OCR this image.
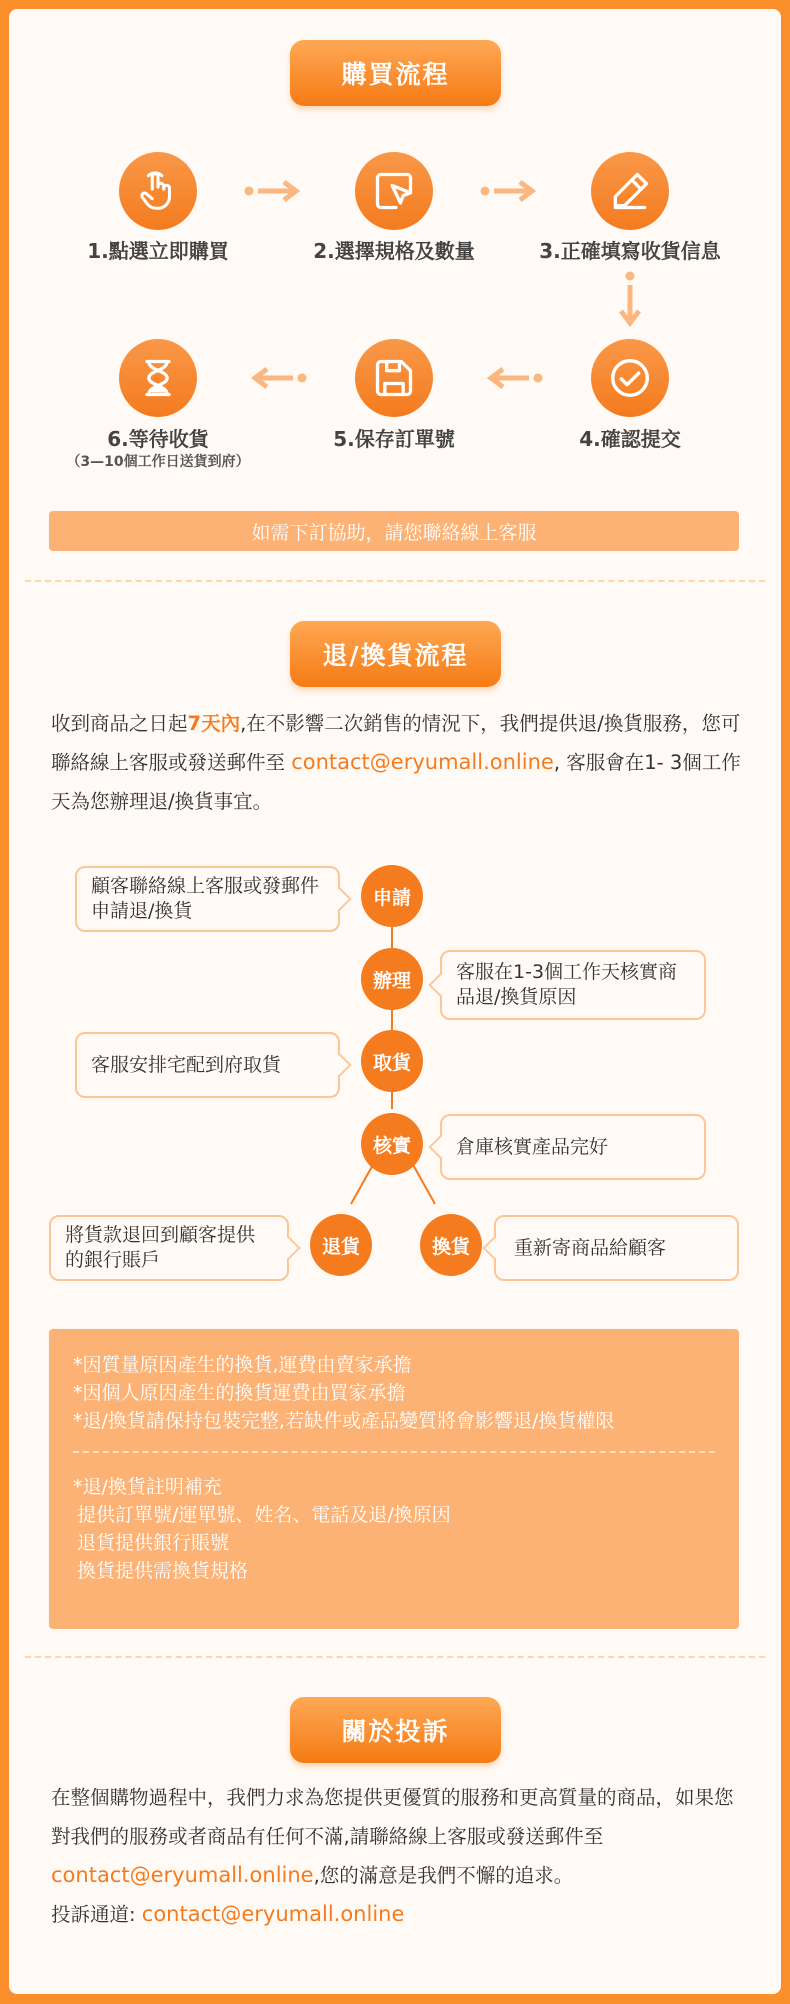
購買流程
1.點選立即購買	2.選擇規格及數量	3.正確填寫收貨信息
4.確認提交
5.保存訂單號
6.等待收貨
（3—10個工作日送貨到府）
如需下訂協助，請您聯絡線上客服
退/換貨流程
收到商品之日起7天內,在不影響二次銷售的情況下，我們提供退/換貨服務，您可聯絡線上客服或發送郵件至 contact@eryumall.online, 客服會在1- 3個工作天為您辦理退/換貨事宜。
申請
辦理
取貨
核實
退貨	換貨
顧客聯絡線上客服或發郵件申請退/換貨
客服在1-3個工作天核實商品退/換貨原因
客服安排宅配到府取貨
倉庫核實產品完好
將貨款退回到顧客提供的銀行賬戶
重新寄商品給顧客
*因質量原因產生的換貨,運費由賣家承擔
*因個人原因產生的換貨運費由買家承擔
*退/換貨請保持包裝完整,若缺件或產品變質將會影響退/換貨權限
*退/換貨註明補充
提供訂單號/運單號、姓名、電話及退/換原因
退貨提供銀行賬號
換貨提供需換貨規格
關於投訴
在整個購物過程中，我們力求為您提供更優質的服務和更高質量的商品，如果您對我們的服務或者商品有任何不滿,請聯絡線上客服或發送郵件至contact@eryumall.online,您的滿意是我們不懈的追求。
投訴通道: contact@eryumall.online
